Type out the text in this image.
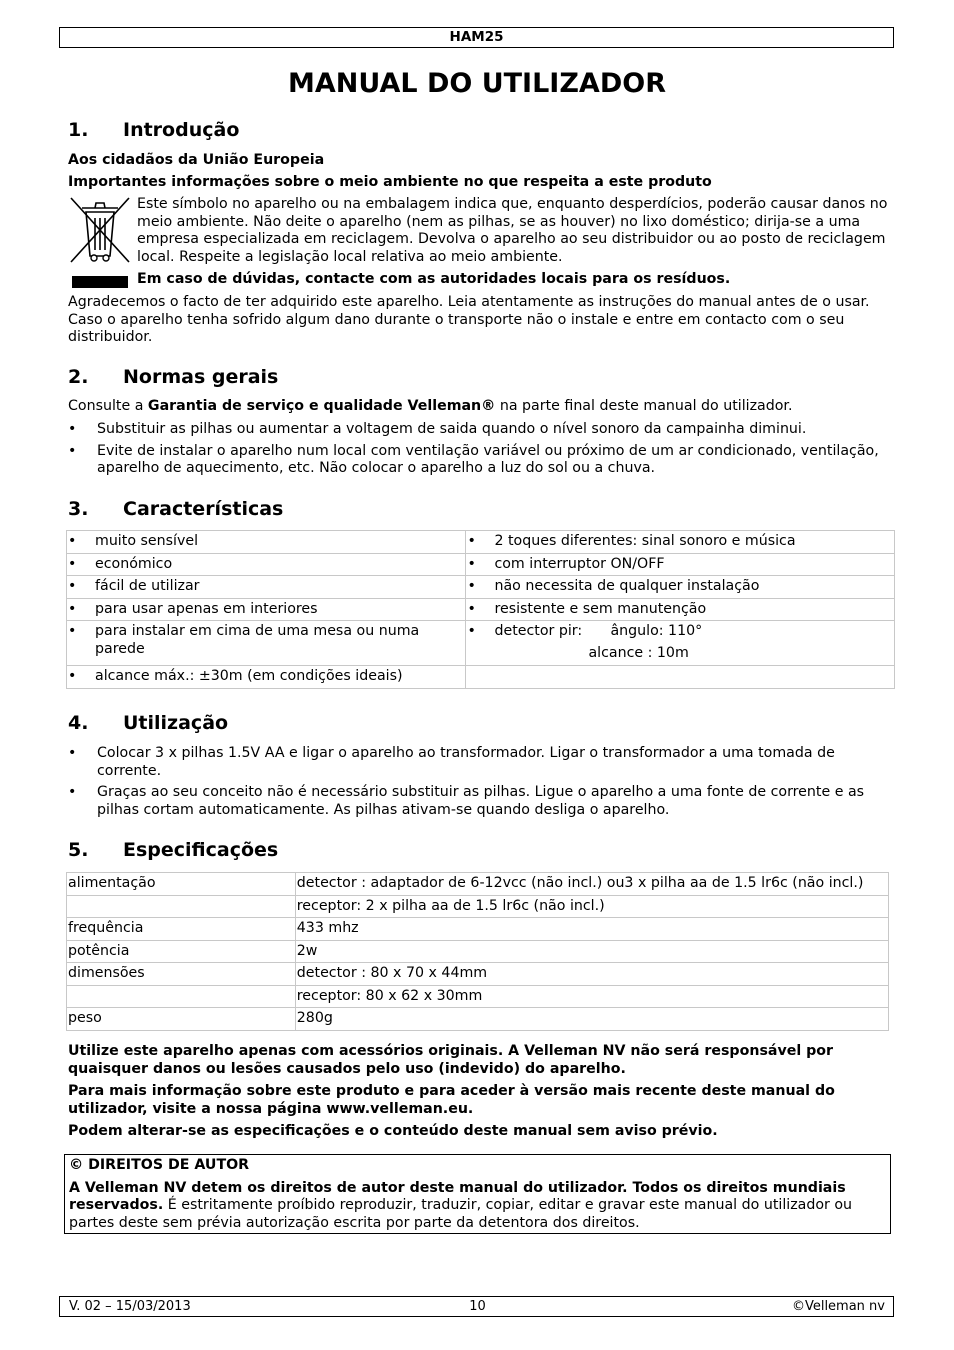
HAM25
MANUAL DO UTILIZADOR
1. Introdução
Aos cidadãos da União Europeia
Importantes informações sobre o meio ambiente no que respeita a este produto
Este símbolo no aparelho ou na embalagem indica que, enquanto desperdícios, poderão causar danos no meio ambiente. Não deite o aparelho (nem as pilhas, se as houver) no lixo doméstico; dirija-se a uma empresa especializada em reciclagem. Devolva o aparelho ao seu distribuidor ou ao posto de reciclagem local. Respeite a legislação local relativa ao meio ambiente.
Em caso de dúvidas, contacte com as autoridades locais para os resíduos.
Agradecemos o facto de ter adquirido este aparelho. Leia atentamente as instruções do manual antes de o usar. Caso o aparelho tenha sofrido algum dano durante o transporte não o instale e entre em contacto com o seu distribuidor.
2. Normas gerais
Consulte a Garantia de serviço e qualidade Velleman® na parte final deste manual do utilizador.
• Substituir as pilhas ou aumentar a voltagem de saida quando o nível sonoro da campainha diminui.
• Evite de instalar o aparelho num local com ventilação variável ou próximo de um ar condicionado, ventilação, aparelho de aquecimento, etc. Não colocar o aparelho a luz do sol ou a chuva.
3. Características
• muito sensível	• 2 toques diferentes: sinal sonoro e música

• económico	• com interruptor ON/OFF

• fácil de utilizar	• não necessita de qualquer instalação

• para usar apenas em interiores	• resistente e sem manutenção

• para instalar em cima de uma mesa ou numa parede	• detector pir: ângulo: 110°
alcance : 10m

• alcance máx.: ±30m (em condições ideais)	
4. Utilização
• Colocar 3 x pilhas 1.5V AA e ligar o aparelho ao transformador. Ligar o transformador a uma tomada de corrente.
• Graças ao seu conceito não é necessário substituir as pilhas. Ligue o aparelho a uma fonte de corrente e as pilhas cortam automaticamente. As pilhas ativam-se quando desliga o aparelho.
5. Especificações
alimentação	detector : adaptador de 6-12vcc (não incl.) ou3 x pilha aa de 1.5 lr6c (não incl.)
	receptor: 2 x pilha aa de 1.5 lr6c (não incl.)
frequência	433 mhz
potência	2w
dimensões	detector : 80 x 70 x 44mm
	receptor: 80 x 62 x 30mm
peso	280g
Utilize este aparelho apenas com acessórios originais. A Velleman NV não será responsável por quaisquer danos ou lesões causados pelo uso (indevido) do aparelho.
Para mais informação sobre este produto e para aceder à versão mais recente deste manual do utilizador, visite a nossa página www.velleman.eu.
Podem alterar-se as especificações e o conteúdo deste manual sem aviso prévio.
© DIREITOS DE AUTOR
A Velleman NV detem os direitos de autor deste manual do utilizador. Todos os direitos mundiais reservados. É estritamente proíbido reproduzir, traduzir, copiar, editar e gravar este manual do utilizador ou partes deste sem prévia autorização escrita por parte da detentora dos direitos.
V. 02 – 15/03/2013	10	©Velleman nv
